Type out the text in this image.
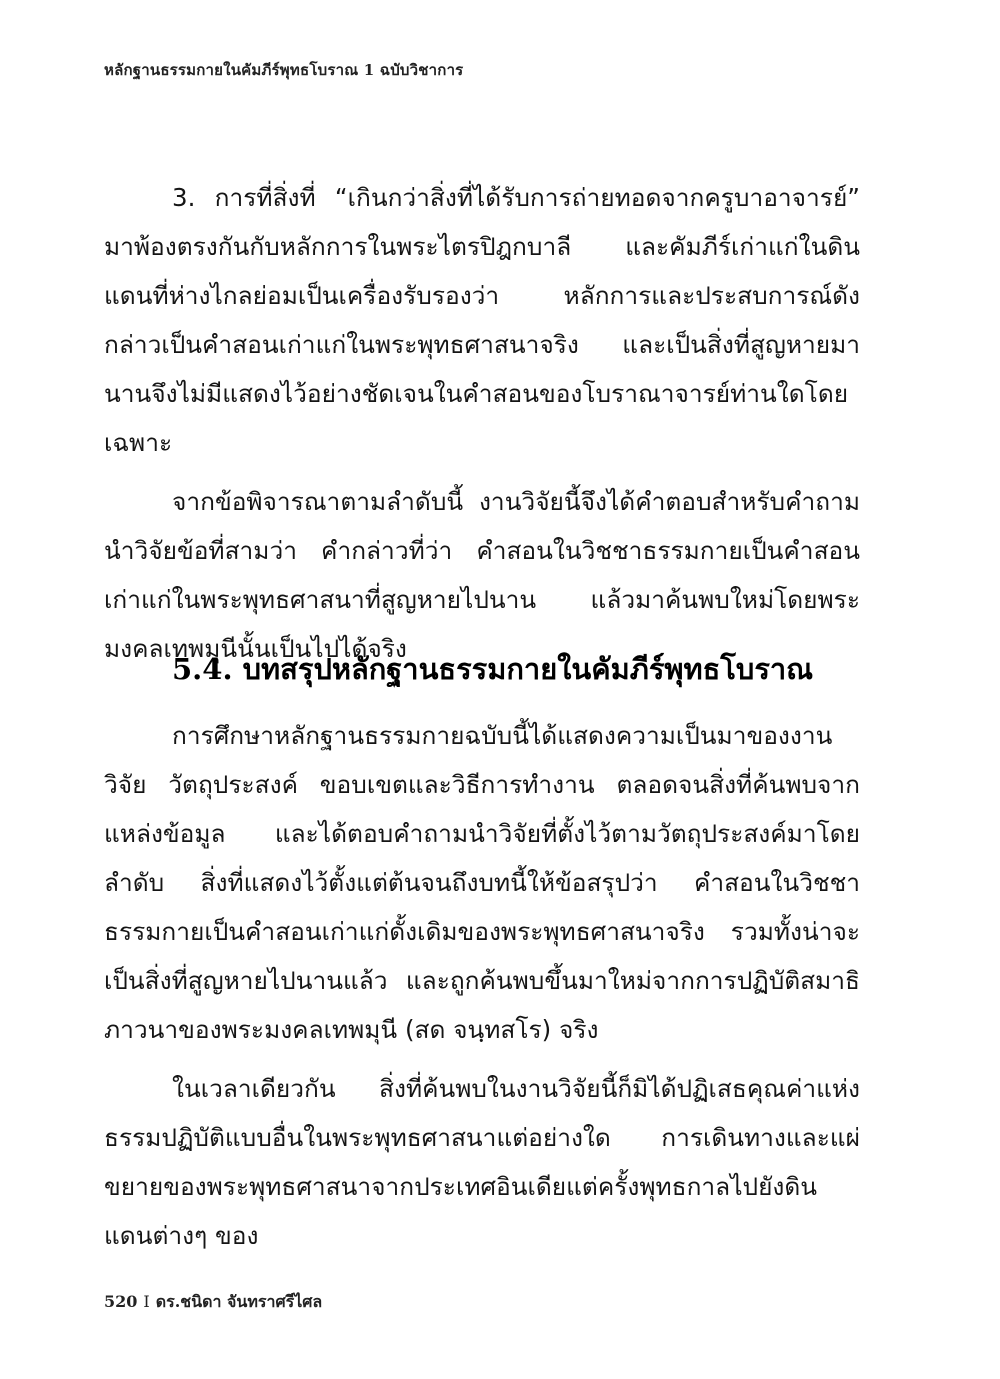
หลักฐานธรรมกายในคัมภีร์พุทธโบราณ 1 ฉบับวิชาการ

3. การที่สิ่งที่ “เกินกว่าสิ่งที่ได้รับการถ่ายทอดจากครูบาอาจารย์” มาพ้องตรงกันกับหลักการในพระไตรปิฎกบาลี และคัมภีร์เก่าแก่ในดินแดนที่ห่างไกลย่อมเป็นเครื่องรับรองว่า หลักการและประสบการณ์ดังกล่าวเป็นคำสอนเก่าแก่ในพระพุทธศาสนาจริง และเป็นสิ่งที่สูญหายมานานจึงไม่มีแสดงไว้อย่างชัดเจนในคำสอนของโบราณาจารย์ท่านใดโดยเฉพาะ

จากข้อพิจารณาตามลำดับนี้ งานวิจัยนี้จึงได้คำตอบสำหรับคำถามนำวิจัยข้อที่สามว่า คำกล่าวที่ว่า คำสอนในวิชชาธรรมกายเป็นคำสอนเก่าแก่ในพระพุทธศาสนาที่สูญหายไปนาน แล้วมาค้นพบใหม่โดยพระมงคลเทพมุนีนั้นเป็นไปได้จริง

5.4. บทสรุปหลักฐานธรรมกายในคัมภีร์พุทธโบราณ

การศึกษาหลักฐานธรรมกายฉบับนี้ได้แสดงความเป็นมาของงานวิจัย วัตถุประสงค์ ขอบเขตและวิธีการทำงาน ตลอดจนสิ่งที่ค้นพบจากแหล่งข้อมูล และได้ตอบคำถามนำวิจัยที่ตั้งไว้ตามวัตถุประสงค์มาโดยลำดับ สิ่งที่แสดงไว้ตั้งแต่ต้นจนถึงบทนี้ให้ข้อสรุปว่า คำสอนในวิชชาธรรมกายเป็นคำสอนเก่าแก่ดั้งเดิมของพระพุทธศาสนาจริง รวมทั้งน่าจะเป็นสิ่งที่สูญหายไปนานแล้ว และถูกค้นพบขึ้นมาใหม่จากการปฏิบัติสมาธิภาวนาของพระมงคลเทพมุนี (สด จนฺทสโร) จริง

ในเวลาเดียวกัน สิ่งที่ค้นพบในงานวิจัยนี้ก็มิได้ปฏิเสธคุณค่าแห่งธรรมปฏิบัติแบบอื่นในพระพุทธศาสนาแต่อย่างใด การเดินทางและแผ่ขยายของพระพุทธศาสนาจากประเทศอินเดียแต่ครั้งพุทธกาลไปยังดินแดนต่างๆ ของ

520 I ดร.ชนิดา จันทราศรีไศล
